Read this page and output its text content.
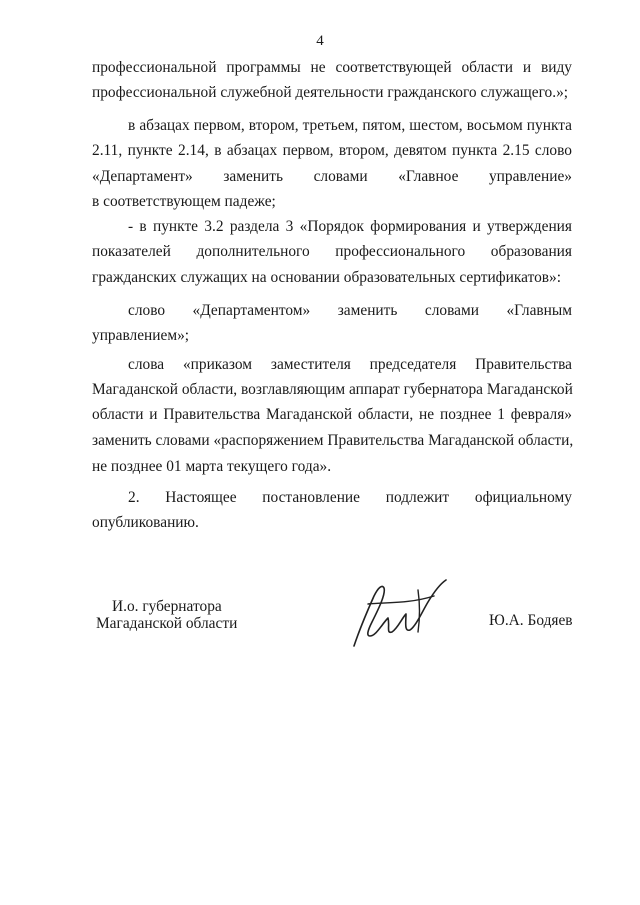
4
профессиональной программы не соответствующей области и виду
профессиональной служебной деятельности гражданского служащего.»;
в абзацах первом, втором, третьем, пятом, шестом, восьмом пункта
2.11, пункте 2.14, в абзацах первом, втором, девятом пункта 2.15 слово
«Департамент» заменить словами «Главное управление»
в соответствующем падеже;
- в пункте 3.2 раздела 3 «Порядок формирования и утверждения
показателей дополнительного профессионального образования
гражданских служащих на основании образовательных сертификатов»:
слово «Департаментом» заменить словами «Главным
управлением»;
слова «приказом заместителя председателя Правительства
Магаданской области, возглавляющим аппарат губернатора Магаданской
области и Правительства Магаданской области, не позднее 1 февраля»
заменить словами «распоряжением Правительства Магаданской области,
не позднее 01 марта текущего года».
2. Настоящее постановление подлежит официальному
опубликованию.
И.о. губернатора
Магаданской области	Ю.А. Бодяев
